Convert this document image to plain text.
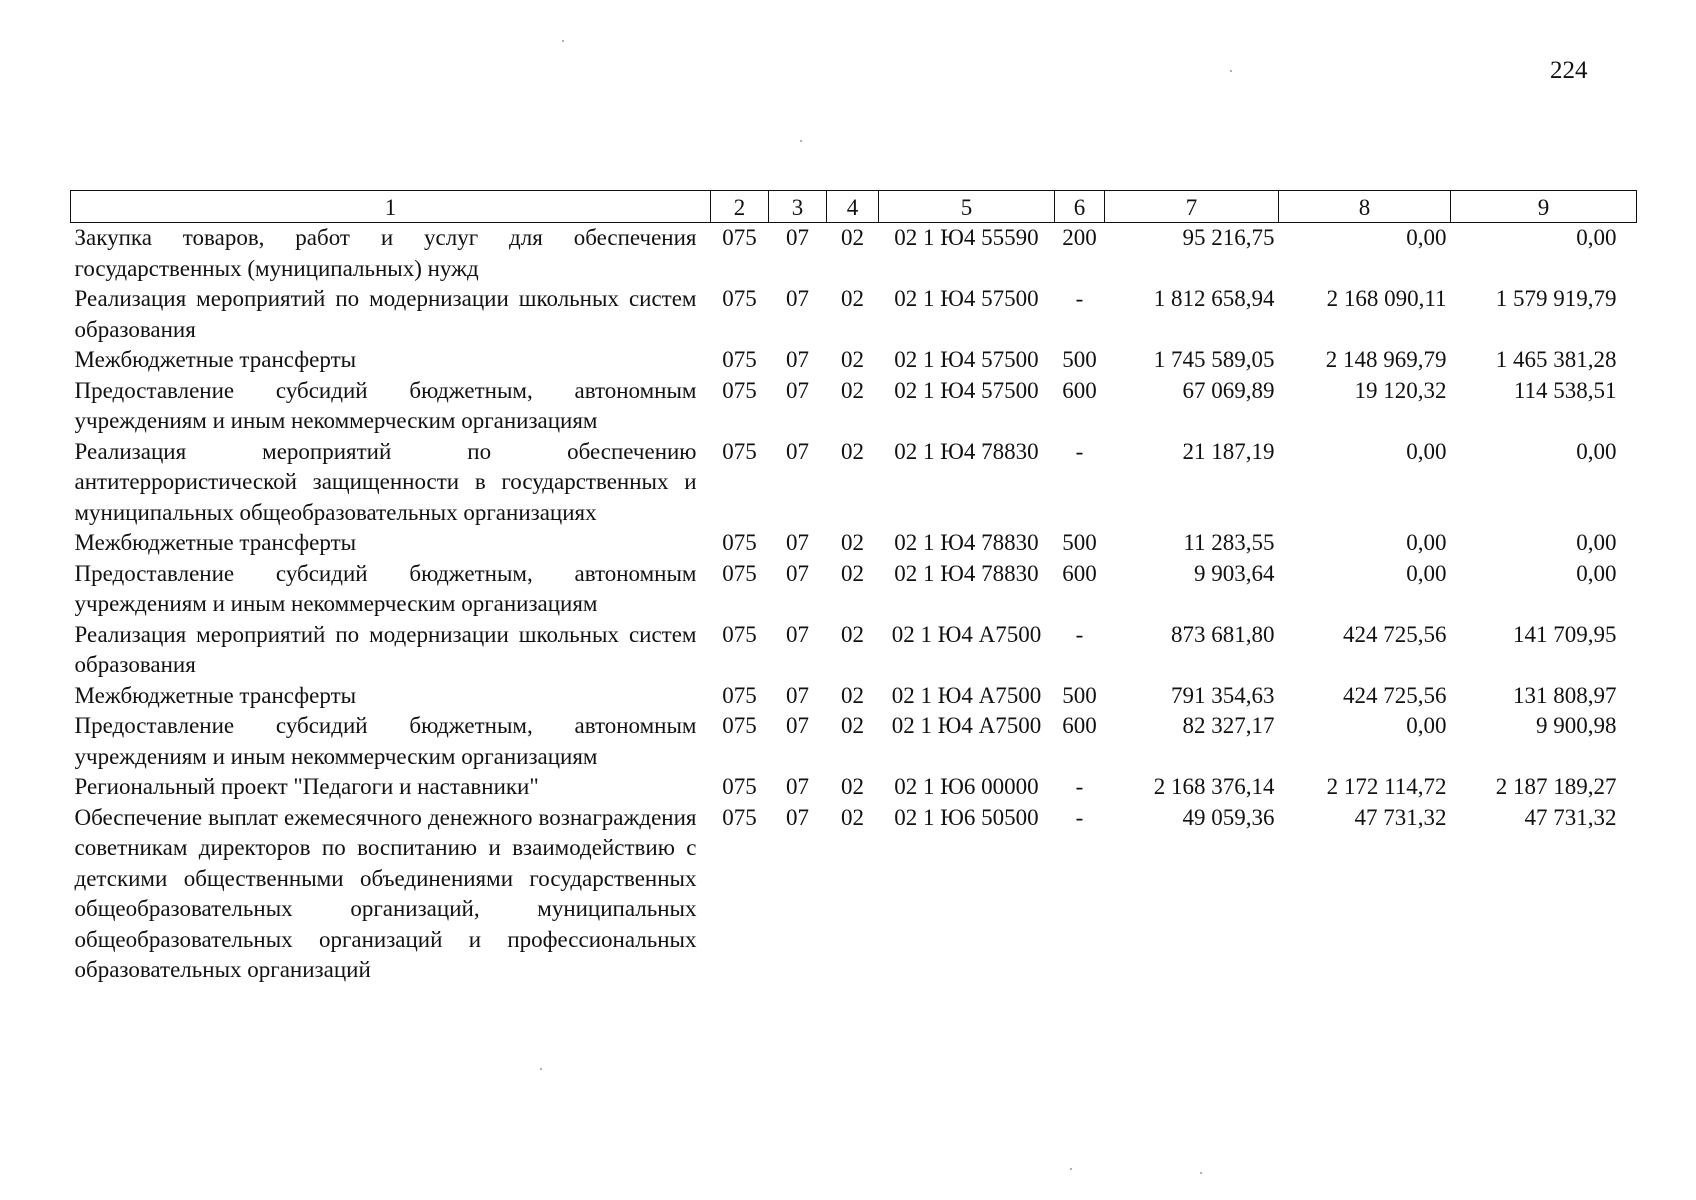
224
1	2	3	4	5	6	7	8	9
Закупка товаров, работ и услуг для обеспечения государственных (муниципальных) нужд	075	07	02	02 1 Ю4 55590	200	95 216,75	0,00	0,00
Реализация мероприятий по модернизации школьных систем образования	075	07	02	02 1 Ю4 57500	-	1 812 658,94	2 168 090,11	1 579 919,79
Межбюджетные трансферты	075	07	02	02 1 Ю4 57500	500	1 745 589,05	2 148 969,79	1 465 381,28
Предоставление субсидий бюджетным, автономным учреждениям и иным некоммерческим организациям	075	07	02	02 1 Ю4 57500	600	67 069,89	19 120,32	114 538,51
Реализация мероприятий по обеспечению антитеррористической защищенности в государственных и муниципальных общеобразовательных организациях	075	07	02	02 1 Ю4 78830	-	21 187,19	0,00	0,00
Межбюджетные трансферты	075	07	02	02 1 Ю4 78830	500	11 283,55	0,00	0,00
Предоставление субсидий бюджетным, автономным учреждениям и иным некоммерческим организациям	075	07	02	02 1 Ю4 78830	600	9 903,64	0,00	0,00
Реализация мероприятий по модернизации школьных систем образования	075	07	02	02 1 Ю4 А7500	-	873 681,80	424 725,56	141 709,95
Межбюджетные трансферты	075	07	02	02 1 Ю4 А7500	500	791 354,63	424 725,56	131 808,97
Предоставление субсидий бюджетным, автономным учреждениям и иным некоммерческим организациям	075	07	02	02 1 Ю4 А7500	600	82 327,17	0,00	9 900,98
Региональный проект "Педагоги и наставники"	075	07	02	02 1 Ю6 00000	-	2 168 376,14	2 172 114,72	2 187 189,27
Обеспечение выплат ежемесячного денежного вознаграждения советникам директоров по воспитанию и взаимодействию с детскими общественными объединениями государственных общеобразовательных организаций, муниципальных общеобразовательных организаций и профессиональных образовательных организаций	075	07	02	02 1 Ю6 50500	-	49 059,36	47 731,32	47 731,32
